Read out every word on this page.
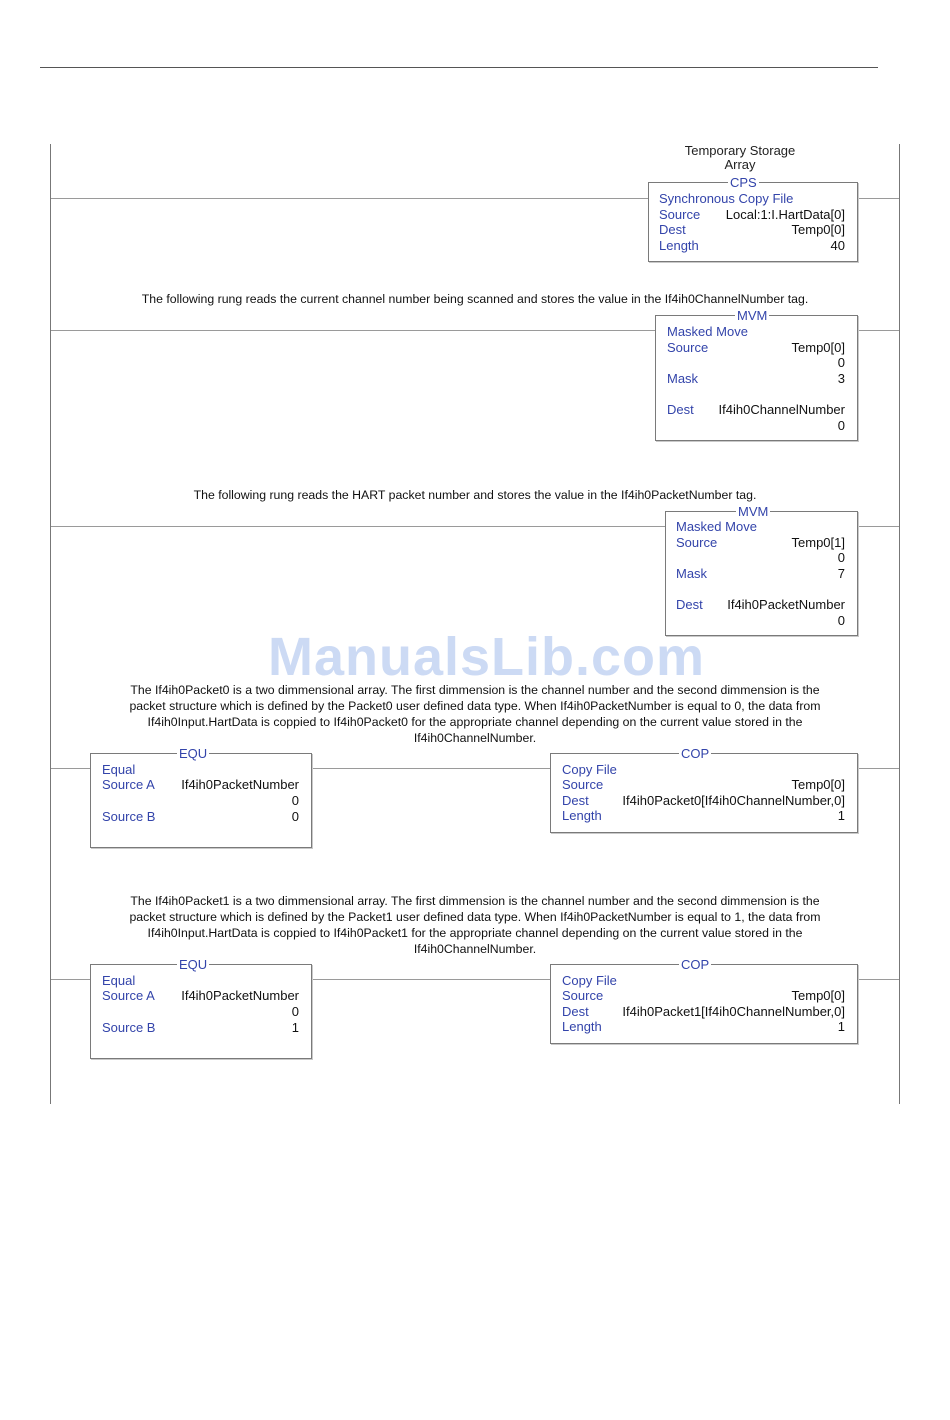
Temporary Storage
Array
CPS
Synchronous Copy File
Source Local:1:I.HartData[0]
Dest	Temp0[0]
Length	40
The following rung reads the current channel number being scanned and stores the value in the If4ih0ChannelNumber tag.
MVM
Masked Move
Source	Temp0[0]
0
Mask	3
Dest If4ih0ChannelNumber
0
The following rung reads the HART packet number and stores the value in the If4ih0PacketNumber tag.
MVM
Masked Move
Source	Temp0[1]
0
Mask	7
Dest If4ih0PacketNumber
0
ManualsLib.com
The If4ih0Packet0 is a two dimmensional array. The first dimmension is the channel number and the second dimmension is the
packet structure which is defined by the Packet0 user defined data type. When If4ih0PacketNumber is equal to 0, the data from
If4ih0Input.HartData is coppied to If4ih0Packet0 for the appropriate channel depending on the current value stored in the
If4ih0ChannelNumber.
EQU
Equal
Source A If4ih0PacketNumber
0
Source B	0
COP
Copy File
Source	Temp0[0]
Dest	If4ih0Packet0[If4ih0ChannelNumber,0]
Length	1
The If4ih0Packet1 is a two dimmensional array. The first dimmension is the channel number and the second dimmension is the
packet structure which is defined by the Packet1 user defined data type. When If4ih0PacketNumber is equal to 1, the data from
If4ih0Input.HartData is coppied to If4ih0Packet1 for the appropriate channel depending on the current value stored in the
If4ih0ChannelNumber.
EQU
Equal
Source A If4ih0PacketNumber
0
Source B	1
COP
Copy File
Source	Temp0[0]
Dest	If4ih0Packet1[If4ih0ChannelNumber,0]
Length	1
